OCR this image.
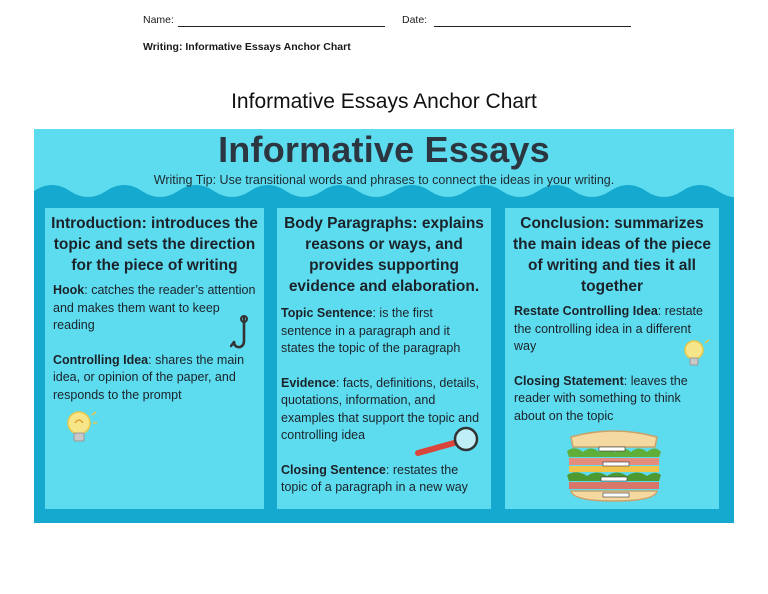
Name:	Date:
Writing: Informative Essays Anchor Chart
Informative Essays Anchor Chart
Informative Essays
Writing Tip: Use transitional words and phrases to connect the ideas in your writing.
Introduction: introduces the topic and sets the direction for the piece of writing

Hook: catches the reader’s attention and makes them want to keep reading

Controlling Idea: shares the main idea, or opinion of the paper, and responds to the prompt

Body Paragraphs: explains reasons or ways, and provides supporting evidence and elaboration.

Topic Sentence: is the first sentence in a paragraph and it states the topic of the paragraph

Evidence: facts, definitions, details, quotations, information, and examples that support the topic and controlling idea

Closing Sentence: restates the topic of a paragraph in a new way

Conclusion: summarizes the main ideas of the piece of writing and ties it all together

Restate Controlling Idea: restate the controlling idea in a different way

Closing Statement: leaves the reader with something to think about on the topic
